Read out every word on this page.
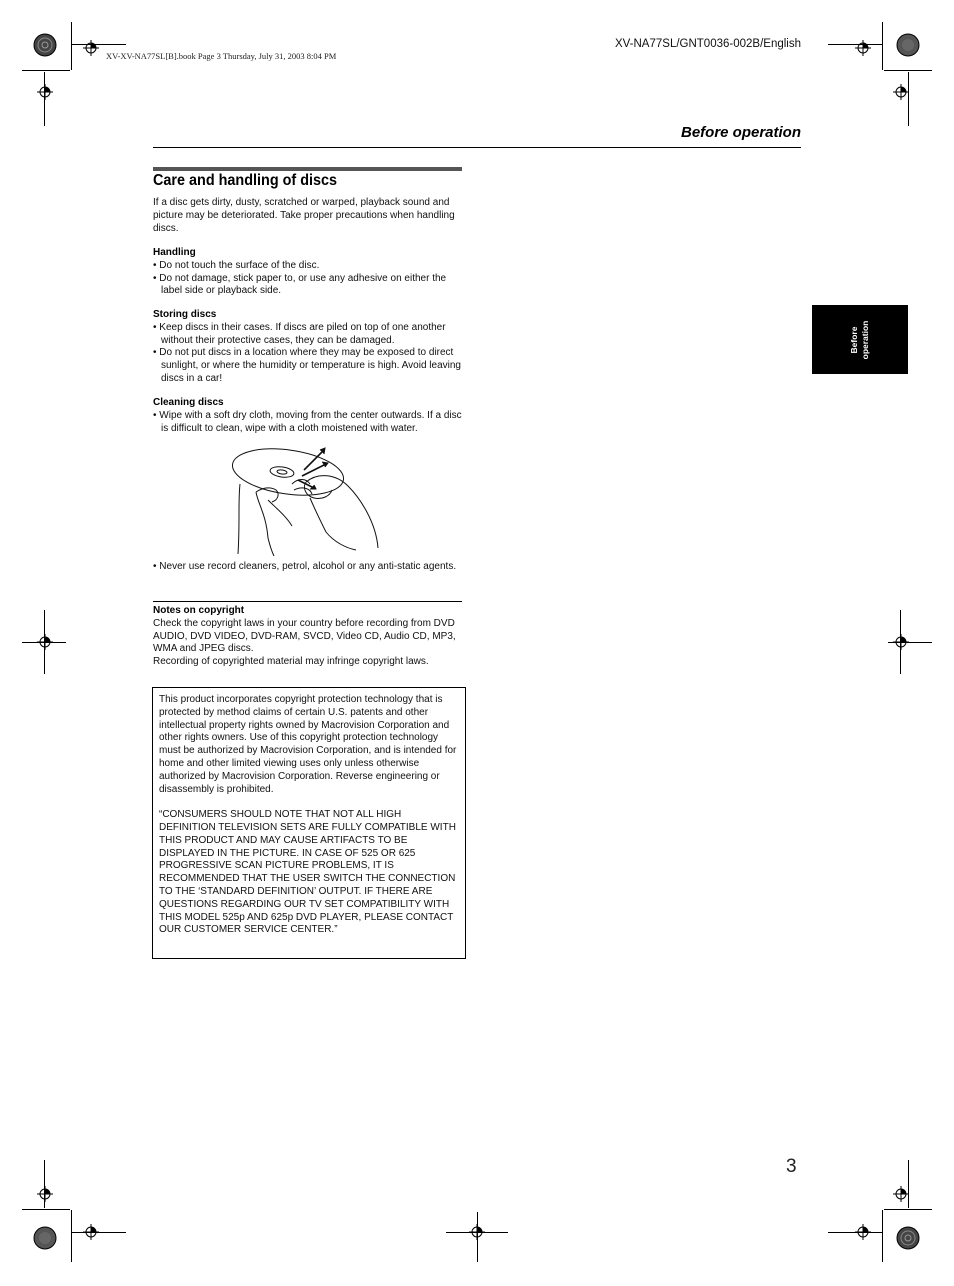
XV-XV-NA77SL[B].book Page 3 Thursday, July 31, 2003 8:04 PM
XV-NA77SL/GNT0036-002B/English
Before operation
Before operation
Care and handling of discs

If a disc gets dirty, dusty, scratched or warped, playback sound and picture may be deteriorated. Take proper precautions when handling discs.

Handling

• Do not touch the surface of the disc.

• Do not damage, stick paper to, or use any adhesive on either the label side or playback side.

Storing discs

• Keep discs in their cases. If discs are piled on top of one another without their protective cases, they can be damaged.

• Do not put discs in a location where they may be exposed to direct sunlight, or where the humidity or temperature is high. Avoid leaving discs in a car!

Cleaning discs

• Wipe with a soft dry cloth, moving from the center outwards. If a disc is difficult to clean, wipe with a cloth moistened with water.

• Never use record cleaners, petrol, alcohol or any anti-static agents.

Notes on copyright

Check the copyright laws in your country before recording from DVD AUDIO, DVD VIDEO, DVD-RAM, SVCD, Video CD, Audio CD, MP3, WMA and JPEG discs.

Recording of copyrighted material may infringe copyright laws.

This product incorporates copyright protection technology that is protected by method claims of certain U.S. patents and other intellectual property rights owned by Macrovision Corporation and other rights owners. Use of this copyright protection technology must be authorized by Macrovision Corporation, and is intended for home and other limited viewing uses only unless otherwise authorized by Macrovision Corporation. Reverse engineering or disassembly is prohibited.

“CONSUMERS SHOULD NOTE THAT NOT ALL HIGH DEFINITION TELEVISION SETS ARE FULLY COMPATIBLE WITH THIS PRODUCT AND MAY CAUSE ARTIFACTS TO BE DISPLAYED IN THE PICTURE. IN CASE OF 525 OR 625 PROGRESSIVE SCAN PICTURE PROBLEMS, IT IS RECOMMENDED THAT THE USER SWITCH THE CONNECTION TO THE ‘STANDARD DEFINITION’ OUTPUT. IF THERE ARE QUESTIONS REGARDING OUR TV SET COMPATIBILITY WITH THIS MODEL 525p AND 625p DVD PLAYER, PLEASE CONTACT OUR CUSTOMER SERVICE CENTER.”

3
